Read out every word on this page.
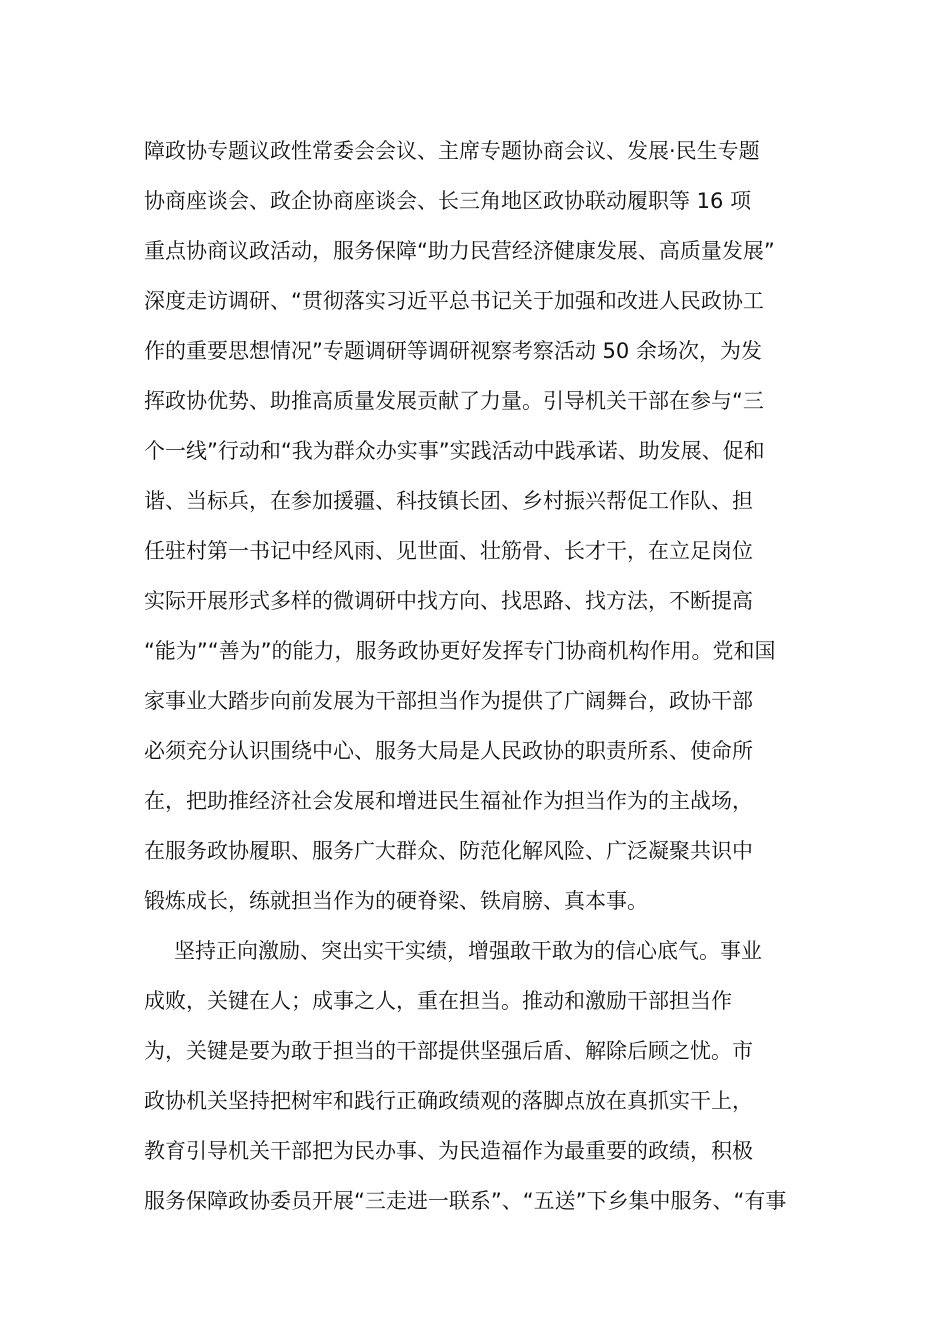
障政协专题议政性常委会会议、主席专题协商会议、发展·民生专题
协商座谈会、政企协商座谈会、长三角地区政协联动履职等 16 项
重点协商议政活动，服务保障“助力民营经济健康发展、高质量发展”
深度走访调研、“贯彻落实习近平总书记关于加强和改进人民政协工
作的重要思想情况”专题调研等调研视察考察活动 50 余场次，为发
挥政协优势、助推高质量发展贡献了力量。引导机关干部在参与“三
个一线”行动和“我为群众办实事”实践活动中践承诺、助发展、促和
谐、当标兵，在参加援疆、科技镇长团、乡村振兴帮促工作队、担
任驻村第一书记中经风雨、见世面、壮筋骨、长才干，在立足岗位
实际开展形式多样的微调研中找方向、找思路、找方法，不断提高
“能为”“善为”的能力，服务政协更好发挥专门协商机构作用。党和国
家事业大踏步向前发展为干部担当作为提供了广阔舞台，政协干部
必须充分认识围绕中心、服务大局是人民政协的职责所系、使命所
在，把助推经济社会发展和增进民生福祉作为担当作为的主战场，
在服务政协履职、服务广大群众、防范化解风险、广泛凝聚共识中
锻炼成长，练就担当作为的硬脊梁、铁肩膀、真本事。
坚持正向激励、突出实干实绩，增强敢干敢为的信心底气。事业
成败，关键在人；成事之人，重在担当。推动和激励干部担当作
为，关键是要为敢于担当的干部提供坚强后盾、解除后顾之忧。市
政协机关坚持把树牢和践行正确政绩观的落脚点放在真抓实干上，
教育引导机关干部把为民办事、为民造福作为最重要的政绩，积极
服务保障政协委员开展“三走进一联系”、“五送”下乡集中服务、“有事
